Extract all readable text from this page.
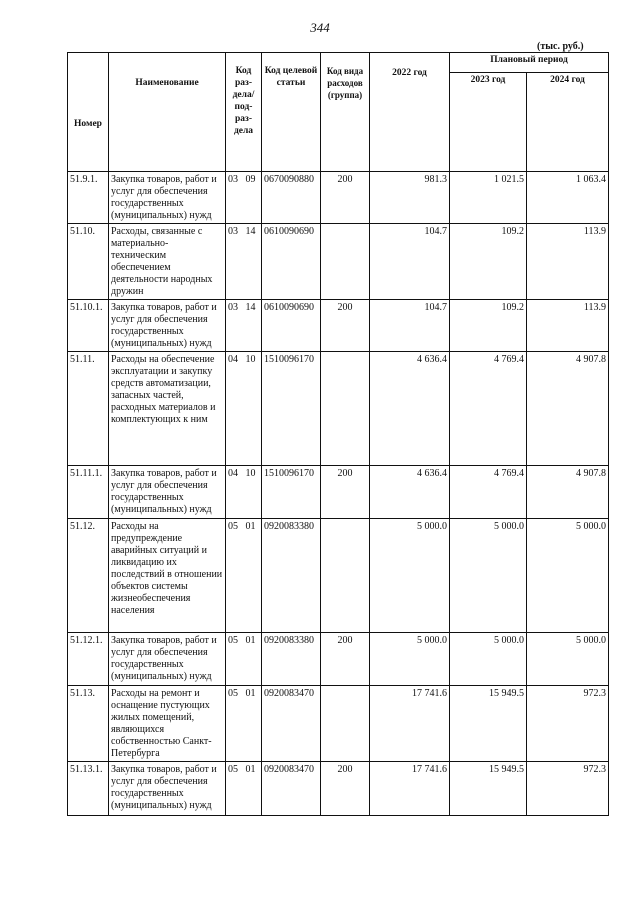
344
(тыс. руб.)
Номер	Наименование	Код раз-дела/ под-раз-дела	Код целевой статьи	Код вида расходов (группа)	2022 год	Плановый период	
						2023 год	2024 год
51.9.1.	Закупка товаров, работ и услуг для обеспечения государственных (муниципальных) нужд	03 09	0670090880	200	981.3	1 021.5	1 063.4
51.10.	Расходы, связанные с материально-техническим обеспечением деятельности народных дружин	03 14	0610090690		104.7	109.2	113.9
51.10.1.	Закупка товаров, работ и услуг для обеспечения государственных (муниципальных) нужд	03 14	0610090690	200	104.7	109.2	113.9
51.11.	Расходы на обеспечение эксплуатации и закупку средств автоматизации, запасных частей, расходных материалов и комплектующих к ним	04 10	1510096170		4 636.4	4 769.4	4 907.8
51.11.1.	Закупка товаров, работ и услуг для обеспечения государственных (муниципальных) нужд	04 10	1510096170	200	4 636.4	4 769.4	4 907.8
51.12.	Расходы на предупреждение аварийных ситуаций и ликвидацию их последствий в отношении объектов системы жизнеобеспечения населения	05 01	0920083380		5 000.0	5 000.0	5 000.0
51.12.1.	Закупка товаров, работ и услуг для обеспечения государственных (муниципальных) нужд	05 01	0920083380	200	5 000.0	5 000.0	5 000.0
51.13.	Расходы на ремонт и оснащение пустующих жилых помещений, являющихся собственностью Санкт-Петербурга	05 01	0920083470		17 741.6	15 949.5	972.3
51.13.1.	Закупка товаров, работ и услуг для обеспечения государственных (муниципальных) нужд	05 01	0920083470	200	17 741.6	15 949.5	972.3
